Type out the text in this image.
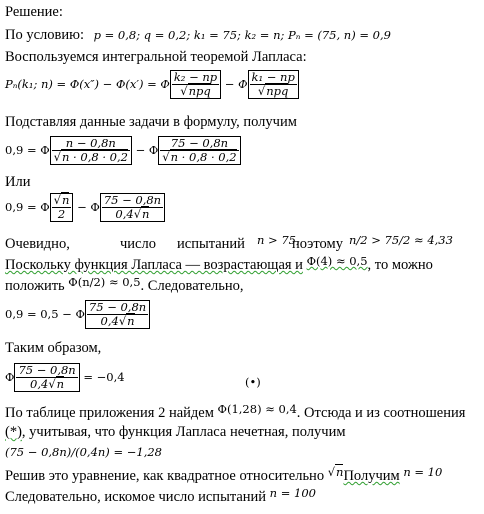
Решение:
По условию: p = 0,8; q = 0,2; k₁ = 75; k₂ = n; Pₙ = (75, n) = 0,9
Воспользуемся интегральной теоремой Лапласа:
Pₙ(k₁; n) = Φ(x″) − Φ(x′) = Φ $\frac{\text{k₂ − np}}{\text{√npq}} - \Phi \frac{\text{k₁ − np}}{\text{√npq}}$
Подставляя данные задачи в формулу, получим
0,9 = Φ $\frac{n - 0,8n}{√n \cdot 0,8 \cdot 0,2} - \Phi \frac{75 - 0,8n}{√n \cdot 0,8 \cdot 0,2}$
Или
0,9 = Φ $\frac{√n}{2} - \Phi \frac{75 - 0,8n}{0,4√n}$
Очевидно,	число испытаний n > 75,
поэтому n/2 > 75/2 ≈ 4,33
Поскольку функция Лапласа — возрастающая и $^{\Phi(4) \approx 0,5}$, то можно
положить $^{\Phi(n/2) \approx 0,5}$. Следовательно,
0,9 = 0,5 − Φ $\frac{75 - 0,8n}{0,4√n}$
Таким образом,
Φ $\frac{75 - 0,8n}{0,4√n} = -0,4$	(•)
По таблице приложения 2 найдем $^{\Phi(1,28) \approx 0,4}$. Отсюда и из соотношения
(*), учитывая, что функция Лапласа нечетная, получим
(75 − 0,8n)/(0,4n) = −1,28
Решив это уравнение, как квадратное относительно $^{√n}$Получим $^{n = 10}$
Следовательно, искомое число испытаний $^{n = 100}$
